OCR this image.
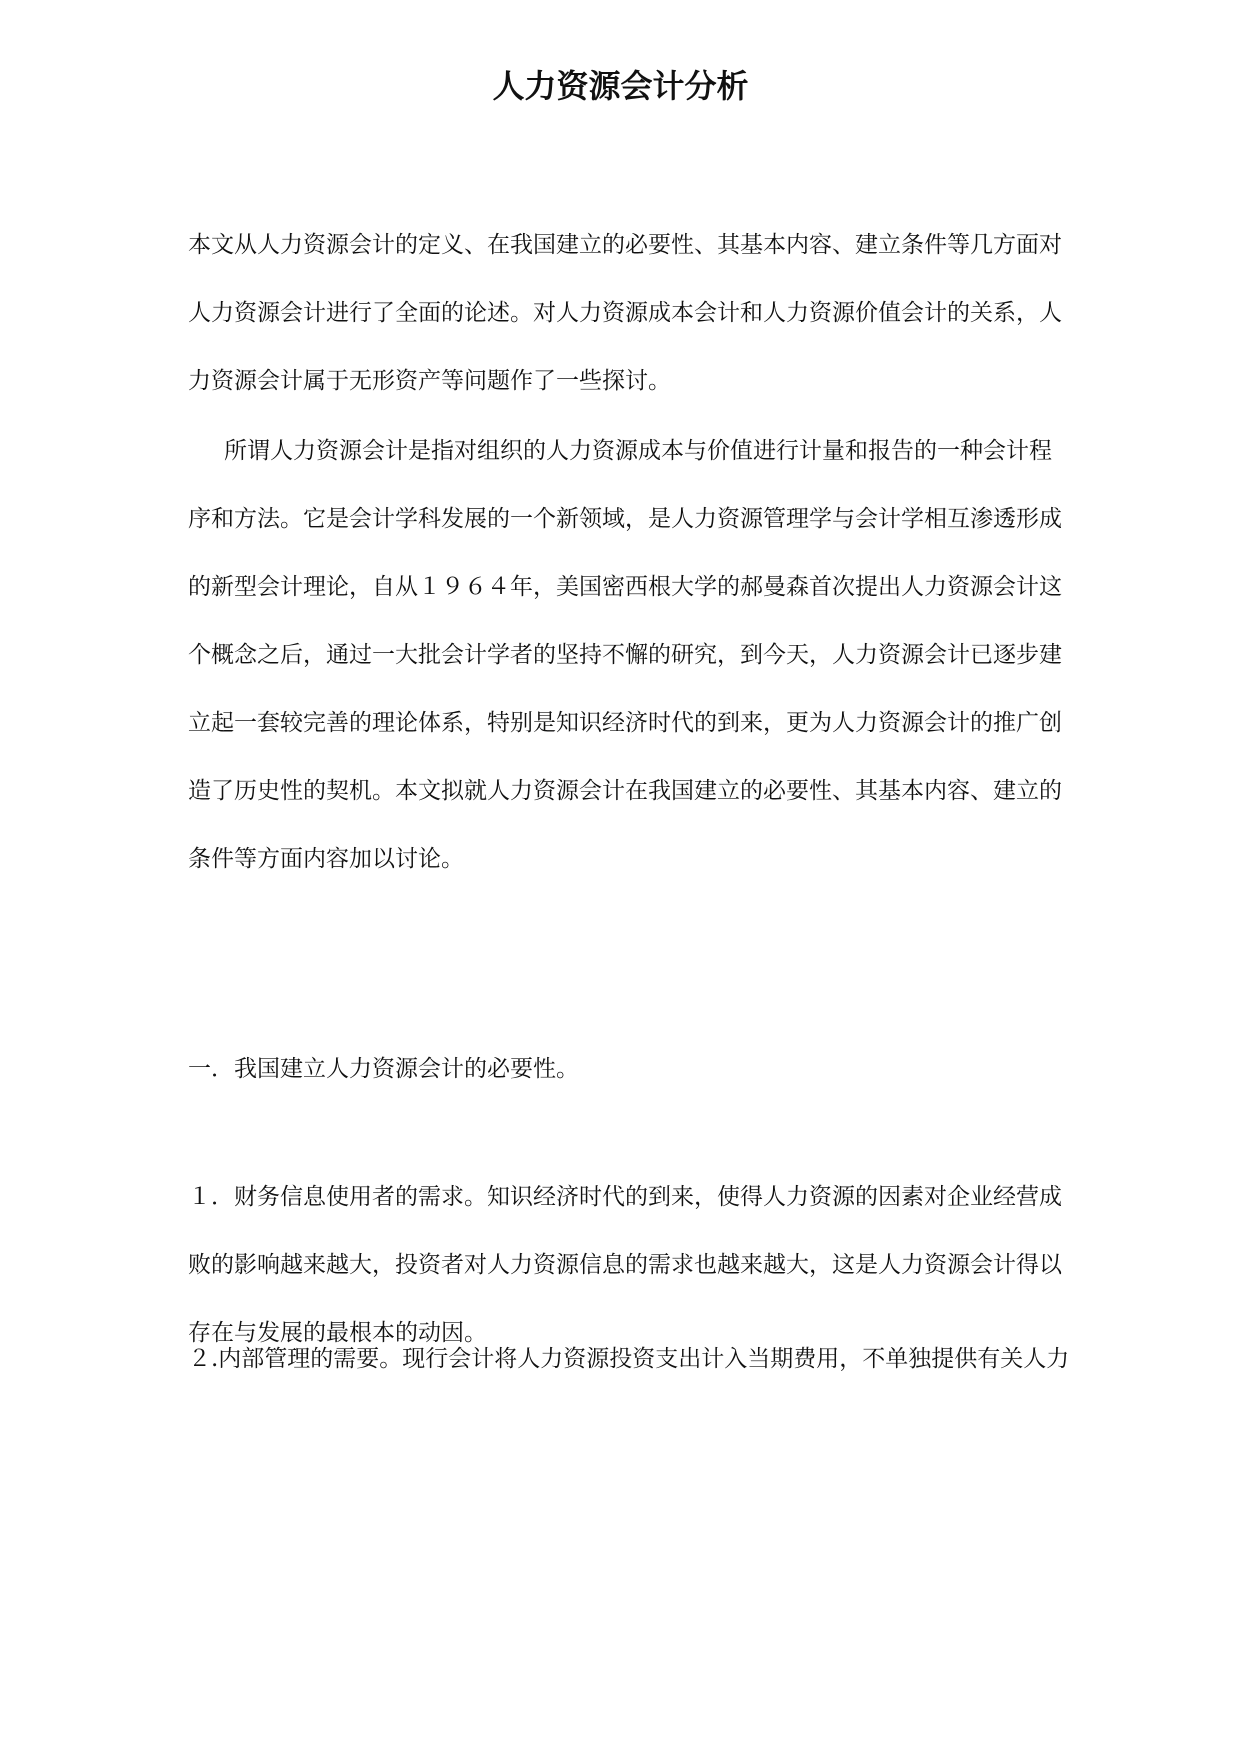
人力资源会计分析

本文从人力资源会计的定义、在我国建立的必要性、其基本内容、建立条件等几方面对
人力资源会计进行了全面的论述。对人力资源成本会计和人力资源价值会计的关系，人
力资源会计属于无形资产等问题作了一些探讨。

所谓人力资源会计是指对组织的人力资源成本与价值进行计量和报告的一种会计程
序和方法。它是会计学科发展的一个新领域，是人力资源管理学与会计学相互渗透形成
的新型会计理论，自从１９６４年，美国密西根大学的郝曼森首次提出人力资源会计这
个概念之后，通过一大批会计学者的坚持不懈的研究，到今天，人力资源会计已逐步建
立起一套较完善的理论体系，特别是知识经济时代的到来，更为人力资源会计的推广创
造了历史性的契机。本文拟就人力资源会计在我国建立的必要性、其基本内容、建立的
条件等方面内容加以讨论。

一．我国建立人力资源会计的必要性。

１．财务信息使用者的需求。知识经济时代的到来，使得人力资源的因素对企业经营成
败的影响越来越大，投资者对人力资源信息的需求也越来越大，这是人力资源会计得以
存在与发展的最根本的动因。

２.内部管理的需要。现行会计将人力资源投资支出计入当期费用，不单独提供有关人力
